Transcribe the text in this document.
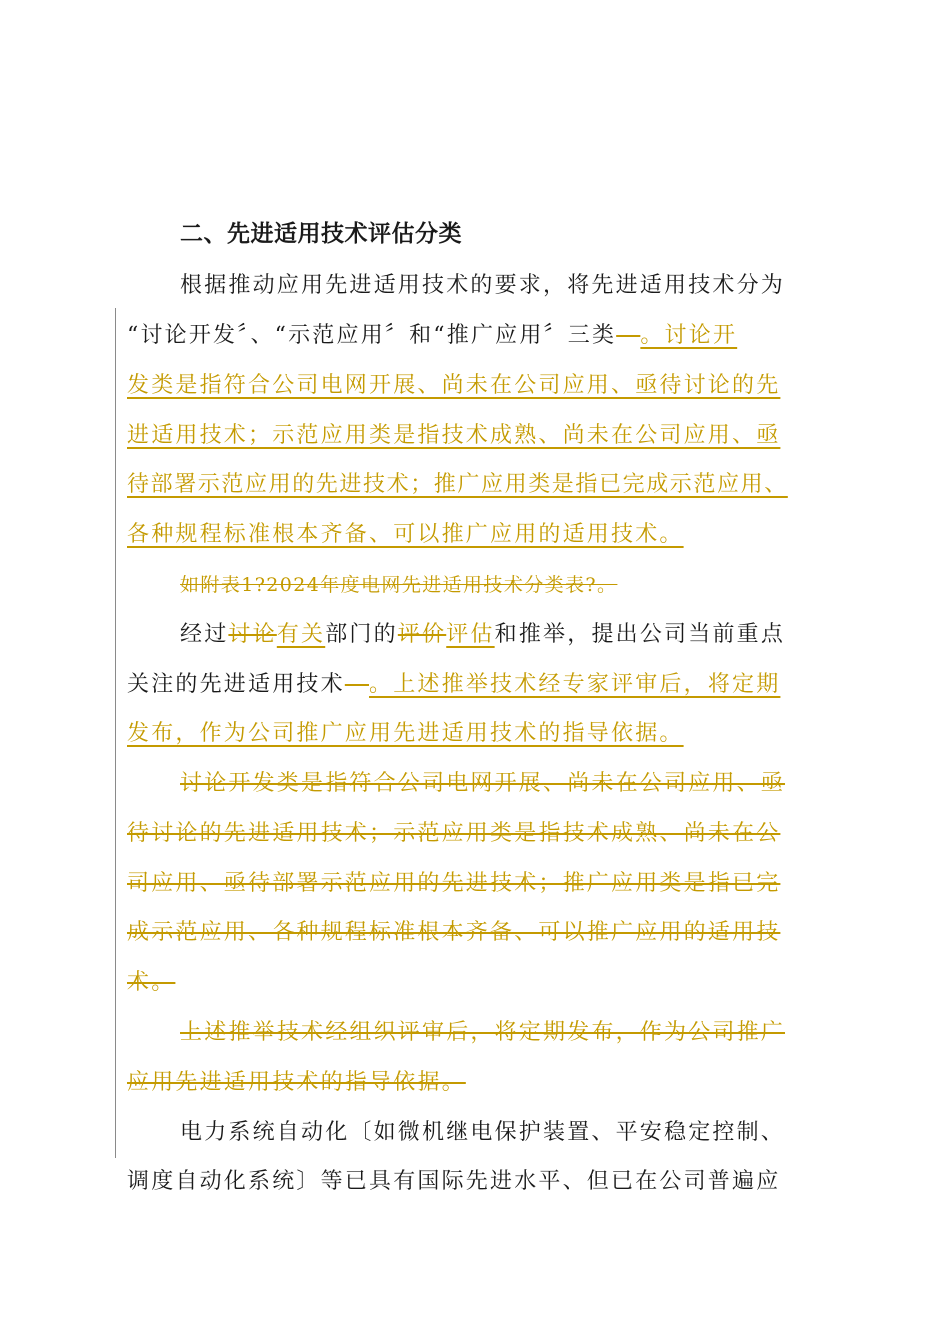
二、先进适用技术评估分类
根据推动应用先进适用技术的要求，将先进适用技术分为
“讨论开发〞、“示范应用〞和“推广应用〞三类—。讨论开
发类是指符合公司电网开展、尚未在公司应用、亟待讨论的先
进适用技术；示范应用类是指技术成熟、尚未在公司应用、亟
待部署示范应用的先进技术；推广应用类是指已完成示范应用、
各种规程标准根本齐备、可以推广应用的适用技术。
如附表1?2024年度电网先进适用技术分类表?。
经过讨论有关部门的评价评估和推举，提出公司当前重点
关注的先进适用技术—。上述推举技术经专家评审后，将定期
发布，作为公司推广应用先进适用技术的指导依据。
讨论开发类是指符合公司电网开展、尚未在公司应用、亟
待讨论的先进适用技术；示范应用类是指技术成熟、尚未在公
司应用、亟待部署示范应用的先进技术；推广应用类是指已完
成示范应用、各种规程标准根本齐备、可以推广应用的适用技
术。
上述推举技术经组织评审后，将定期发布，作为公司推广
应用先进适用技术的指导依据。
电力系统自动化〔如微机继电保护装置、平安稳定控制、
调度自动化系统〕等已具有国际先进水平、但已在公司普遍应
